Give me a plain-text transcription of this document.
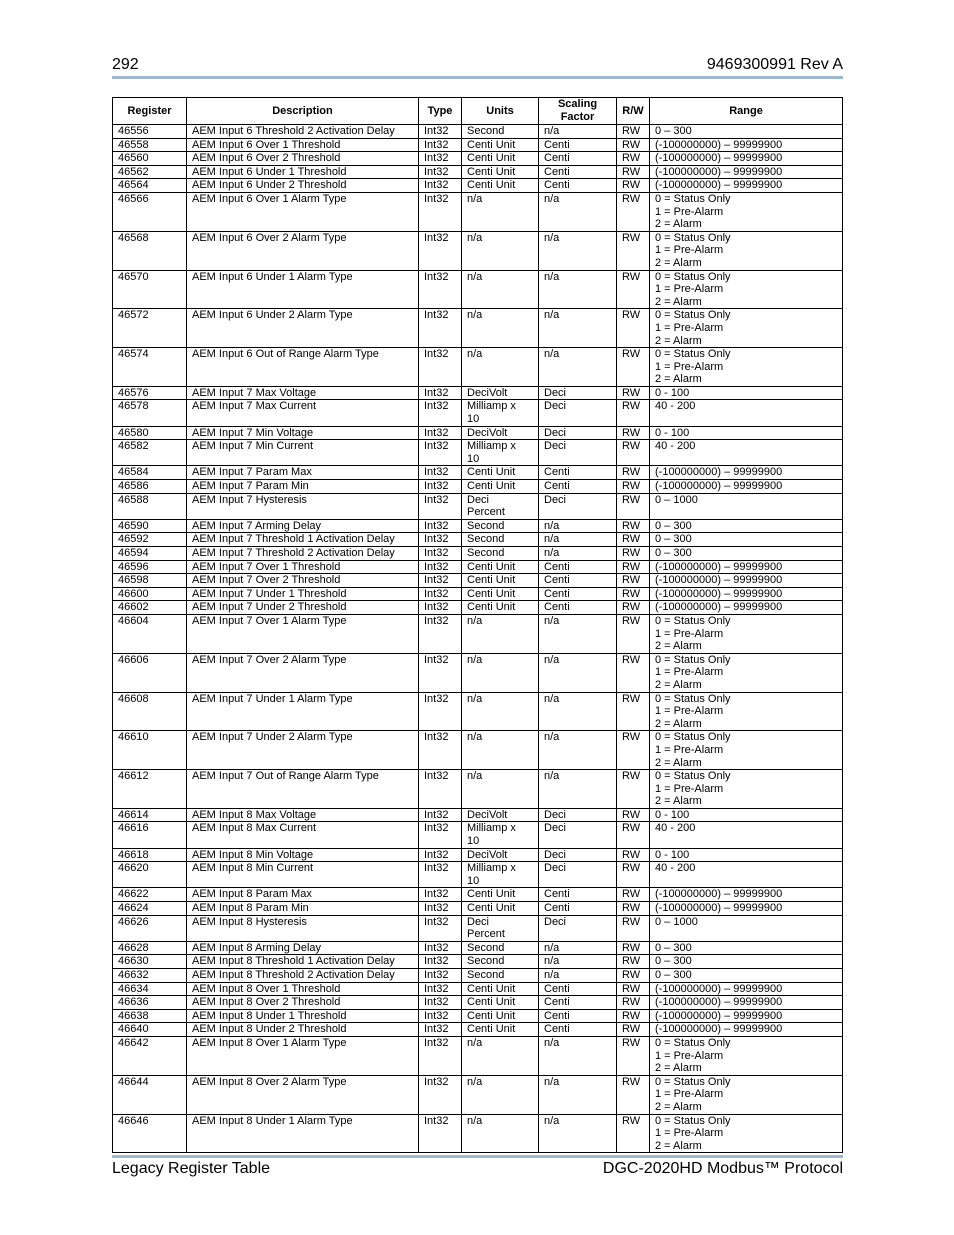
292	9469300991 Rev A
Register	Description	Type	Units	Scaling Factor	R/W	Range
46556	AEM Input 6 Threshold 2 Activation Delay	Int32	Second	n/a	RW	0 – 300
46558	AEM Input 6 Over 1 Threshold	Int32	Centi Unit	Centi	RW	(-100000000) – 99999900
46560	AEM Input 6 Over 2 Threshold	Int32	Centi Unit	Centi	RW	(-100000000) – 99999900
46562	AEM Input 6 Under 1 Threshold	Int32	Centi Unit	Centi	RW	(-100000000) – 99999900
46564	AEM Input 6 Under 2 Threshold	Int32	Centi Unit	Centi	RW	(-100000000) – 99999900
46566	AEM Input 6 Over 1 Alarm Type	Int32	n/a	n/a	RW	0 = Status Only
1 = Pre-Alarm
2 = Alarm
46568	AEM Input 6 Over 2 Alarm Type	Int32	n/a	n/a	RW	0 = Status Only
1 = Pre-Alarm
2 = Alarm
46570	AEM Input 6 Under 1 Alarm Type	Int32	n/a	n/a	RW	0 = Status Only
1 = Pre-Alarm
2 = Alarm
46572	AEM Input 6 Under 2 Alarm Type	Int32	n/a	n/a	RW	0 = Status Only
1 = Pre-Alarm
2 = Alarm
46574	AEM Input 6 Out of Range Alarm Type	Int32	n/a	n/a	RW	0 = Status Only
1 = Pre-Alarm
2 = Alarm
46576	AEM Input 7 Max Voltage	Int32	DeciVolt	Deci	RW	0 - 100
46578	AEM Input 7 Max Current	Int32	Milliamp x
10	Deci	RW	40 - 200
46580	AEM Input 7 Min Voltage	Int32	DeciVolt	Deci	RW	0 - 100
46582	AEM Input 7 Min Current	Int32	Milliamp x
10	Deci	RW	40 - 200
46584	AEM Input 7 Param Max	Int32	Centi Unit	Centi	RW	(-100000000) – 99999900
46586	AEM Input 7 Param Min	Int32	Centi Unit	Centi	RW	(-100000000) – 99999900
46588	AEM Input 7 Hysteresis	Int32	Deci
Percent	Deci	RW	0 – 1000
46590	AEM Input 7 Arming Delay	Int32	Second	n/a	RW	0 – 300
46592	AEM Input 7 Threshold 1 Activation Delay	Int32	Second	n/a	RW	0 – 300
46594	AEM Input 7 Threshold 2 Activation Delay	Int32	Second	n/a	RW	0 – 300
46596	AEM Input 7 Over 1 Threshold	Int32	Centi Unit	Centi	RW	(-100000000) – 99999900
46598	AEM Input 7 Over 2 Threshold	Int32	Centi Unit	Centi	RW	(-100000000) – 99999900
46600	AEM Input 7 Under 1 Threshold	Int32	Centi Unit	Centi	RW	(-100000000) – 99999900
46602	AEM Input 7 Under 2 Threshold	Int32	Centi Unit	Centi	RW	(-100000000) – 99999900
46604	AEM Input 7 Over 1 Alarm Type	Int32	n/a	n/a	RW	0 = Status Only
1 = Pre-Alarm
2 = Alarm
46606	AEM Input 7 Over 2 Alarm Type	Int32	n/a	n/a	RW	0 = Status Only
1 = Pre-Alarm
2 = Alarm
46608	AEM Input 7 Under 1 Alarm Type	Int32	n/a	n/a	RW	0 = Status Only
1 = Pre-Alarm
2 = Alarm
46610	AEM Input 7 Under 2 Alarm Type	Int32	n/a	n/a	RW	0 = Status Only
1 = Pre-Alarm
2 = Alarm
46612	AEM Input 7 Out of Range Alarm Type	Int32	n/a	n/a	RW	0 = Status Only
1 = Pre-Alarm
2 = Alarm
46614	AEM Input 8 Max Voltage	Int32	DeciVolt	Deci	RW	0 - 100
46616	AEM Input 8 Max Current	Int32	Milliamp x
10	Deci	RW	40 - 200
46618	AEM Input 8 Min Voltage	Int32	DeciVolt	Deci	RW	0 - 100
46620	AEM Input 8 Min Current	Int32	Milliamp x
10	Deci	RW	40 - 200
46622	AEM Input 8 Param Max	Int32	Centi Unit	Centi	RW	(-100000000) – 99999900
46624	AEM Input 8 Param Min	Int32	Centi Unit	Centi	RW	(-100000000) – 99999900
46626	AEM Input 8 Hysteresis	Int32	Deci
Percent	Deci	RW	0 – 1000
46628	AEM Input 8 Arming Delay	Int32	Second	n/a	RW	0 – 300
46630	AEM Input 8 Threshold 1 Activation Delay	Int32	Second	n/a	RW	0 – 300
46632	AEM Input 8 Threshold 2 Activation Delay	Int32	Second	n/a	RW	0 – 300
46634	AEM Input 8 Over 1 Threshold	Int32	Centi Unit	Centi	RW	(-100000000) – 99999900
46636	AEM Input 8 Over 2 Threshold	Int32	Centi Unit	Centi	RW	(-100000000) – 99999900
46638	AEM Input 8 Under 1 Threshold	Int32	Centi Unit	Centi	RW	(-100000000) – 99999900
46640	AEM Input 8 Under 2 Threshold	Int32	Centi Unit	Centi	RW	(-100000000) – 99999900
46642	AEM Input 8 Over 1 Alarm Type	Int32	n/a	n/a	RW	0 = Status Only
1 = Pre-Alarm
2 = Alarm
46644	AEM Input 8 Over 2 Alarm Type	Int32	n/a	n/a	RW	0 = Status Only
1 = Pre-Alarm
2 = Alarm
46646	AEM Input 8 Under 1 Alarm Type	Int32	n/a	n/a	RW	0 = Status Only
1 = Pre-Alarm
2 = Alarm
Legacy Register Table	DGC-2020HD Modbus™ Protocol
